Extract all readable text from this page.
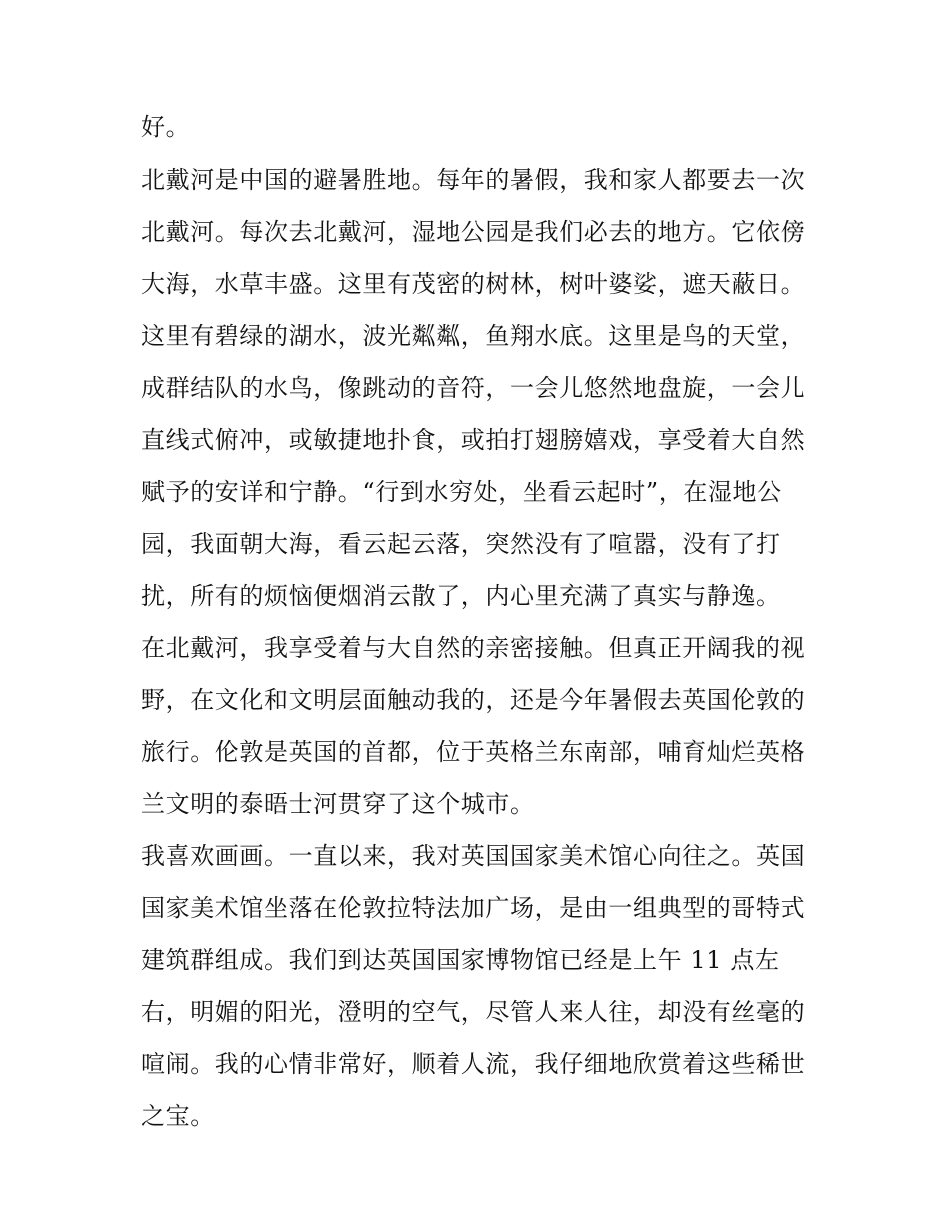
好。
北戴河是中国的避暑胜地。每年的暑假，我和家人都要去一次
北戴河。每次去北戴河，湿地公园是我们必去的地方。它依傍
大海，水草丰盛。这里有茂密的树林，树叶婆娑，遮天蔽日。
这里有碧绿的湖水，波光粼粼，鱼翔水底。这里是鸟的天堂，
成群结队的水鸟，像跳动的音符，一会儿悠然地盘旋，一会儿
直线式俯冲，或敏捷地扑食，或拍打翅膀嬉戏，享受着大自然
赋予的安详和宁静。“行到水穷处，坐看云起时”，在湿地公
园，我面朝大海，看云起云落，突然没有了喧嚣，没有了打
扰，所有的烦恼便烟消云散了，内心里充满了真实与静逸。
在北戴河，我享受着与大自然的亲密接触。但真正开阔我的视
野，在文化和文明层面触动我的，还是今年暑假去英国伦敦的
旅行。伦敦是英国的首都，位于英格兰东南部，哺育灿烂英格
兰文明的泰晤士河贯穿了这个城市。
我喜欢画画。一直以来，我对英国国家美术馆心向往之。英国
国家美术馆坐落在伦敦拉特法加广场，是由一组典型的哥特式
建筑群组成。我们到达英国国家博物馆已经是上午 11 点左
右，明媚的阳光，澄明的空气，尽管人来人往，却没有丝毫的
喧闹。我的心情非常好，顺着人流，我仔细地欣赏着这些稀世
之宝。
